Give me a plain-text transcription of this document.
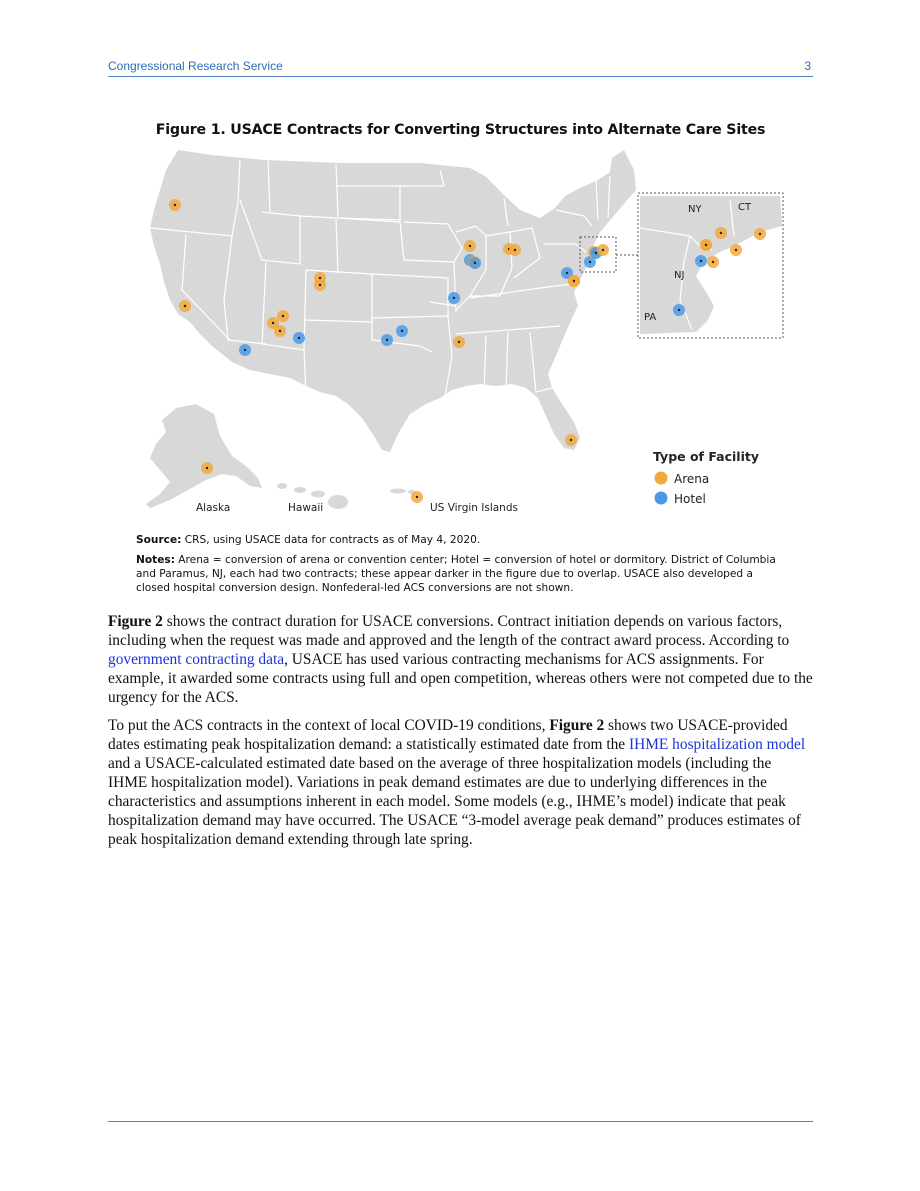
Congressional Research Service	3
Figure 1. USACE Contracts for Converting Structures into Alternate Care Sites
NY	CT
NJ
PA
Alaska	Hawaii	US Virgin Islands
Type of Facility
Arena
Hotel
Source: CRS, using USACE data for contracts as of May 4, 2020.
Notes: Arena = conversion of arena or convention center; Hotel = conversion of hotel or dormitory. District of Columbia and Paramus, NJ, each had two contracts; these appear darker in the figure due to overlap. USACE also developed a closed hospital conversion design. Nonfederal-led ACS conversions are not shown.
Figure 2 shows the contract duration for USACE conversions. Contract initiation depends on various factors, including when the request was made and approved and the length of the contract award process. According to government contracting data, USACE has used various contracting mechanisms for ACS assignments. For example, it awarded some contracts using full and open competition, whereas others were not competed due to the urgency for the ACS.
To put the ACS contracts in the context of local COVID-19 conditions, Figure 2 shows two USACE-provided dates estimating peak hospitalization demand: a statistically estimated date from the IHME hospitalization model and a USACE-calculated estimated date based on the average of three hospitalization models (including the IHME hospitalization model). Variations in peak demand estimates are due to underlying differences in the characteristics and assumptions inherent in each model. Some models (e.g., IHME’s model) indicate that peak hospitalization demand may have occurred. The USACE “3-model average peak demand” produces estimates of peak hospitalization demand extending through late spring.
